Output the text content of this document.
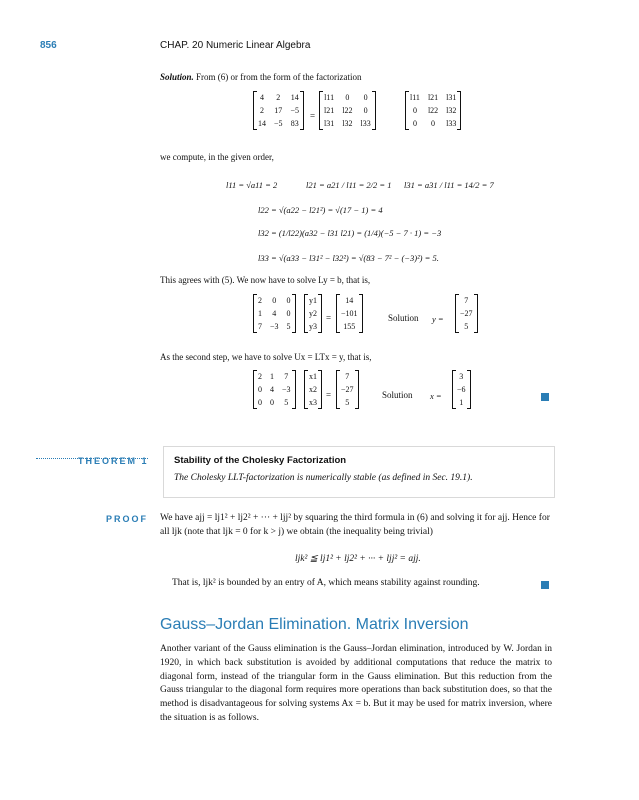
856	CHAP. 20 Numeric Linear Algebra
Solution. From (6) or from the form of the factorization
4	2	14
2	17	−5
14	−5	83
=
l11	0	0
l21	l22	0
l31	l32	l33
l11	l21	l31
0	l22	l32
0	0	l33
we compute, in the given order,
l11 = √a11 = 2	l21 = a21 / l11 = 2/2 = 1 l31 = a31 / l11 = 14/2 = 7
l22 = √(a22 − l21²) = √(17 − 1) = 4
l32 = (1/l22)(a32 − l31 l21) = (1/4)(−5 − 7 · 1) = −3
l33 = √(a33 − l31² − l32²) = √(83 − 7² − (−3)²) = 5.
This agrees with (5). We now have to solve Ly = b, that is,
2	0	0
1	4	0
7	−3	5
y1
y2
y3
=
14
−101
155
Solution y =
7
−27
5
As the second step, we have to solve Ux = LTx = y, that is,
2	1	7
0	4	−3
0	0	5
x1
x2
x3
=
7
−27
5
Solution x =
3
−6
1
THEOREM 1	Stability of the Cholesky Factorization
The Cholesky LLT-factorization is numerically stable (as defined in Sec. 19.1).
PROOF We have ajj = lj1² + lj2² + ··· + ljj² by squaring the third formula in (6) and solving it for ajj. Hence for all ljk (note that ljk = 0 for k > j) we obtain (the inequality being trivial)
ljk² ≦ lj1² + lj2² + ··· + ljj² = ajj.
That is, ljk² is bounded by an entry of A, which means stability against rounding.
Gauss–Jordan Elimination. Matrix Inversion
Another variant of the Gauss elimination is the Gauss–Jordan elimination, introduced by W. Jordan in 1920, in which back substitution is avoided by additional computations that reduce the matrix to diagonal form, instead of the triangular form in the Gauss elimination. But this reduction from the Gauss triangular to the diagonal form requires more operations than back substitution does, so that the method is disadvantageous for solving systems Ax = b. But it may be used for matrix inversion, where the situation is as follows.
